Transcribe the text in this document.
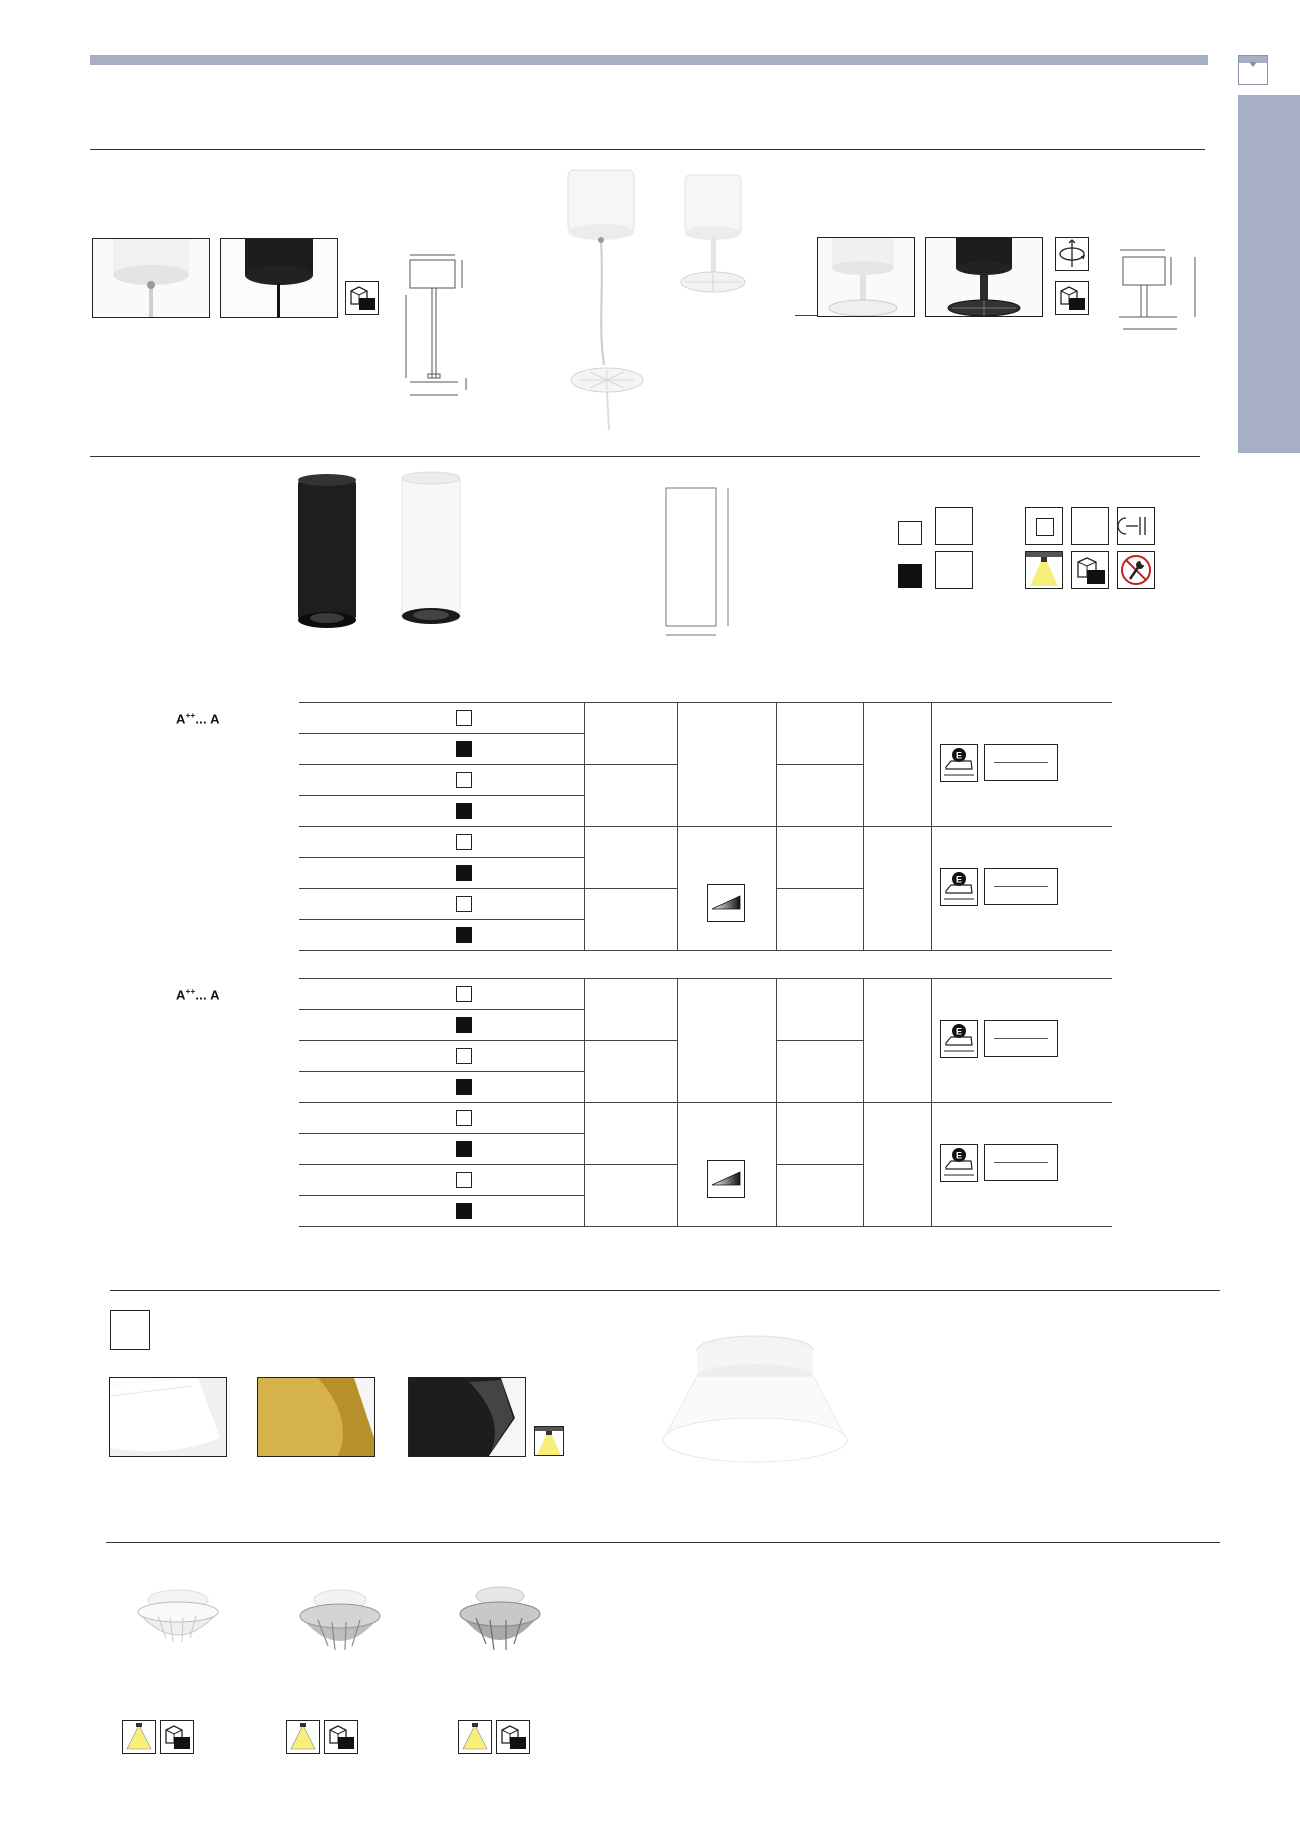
A++... A
A++... A
E
E
E
E
